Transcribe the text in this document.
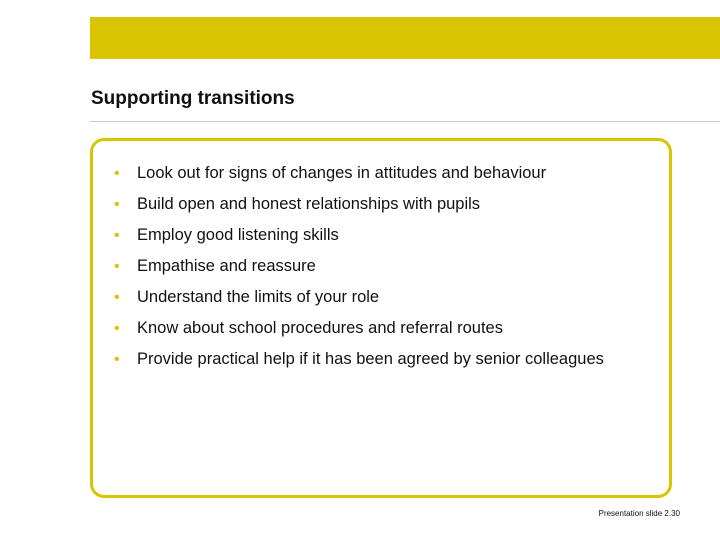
Supporting transitions
• Look out for signs of changes in attitudes and behaviour
• Build open and honest relationships with pupils
• Employ good listening skills
• Empathise and reassure
• Understand the limits of your role
• Know about school procedures and referral routes
• Provide practical help if it has been agreed by senior colleagues
Presentation slide 2.30
